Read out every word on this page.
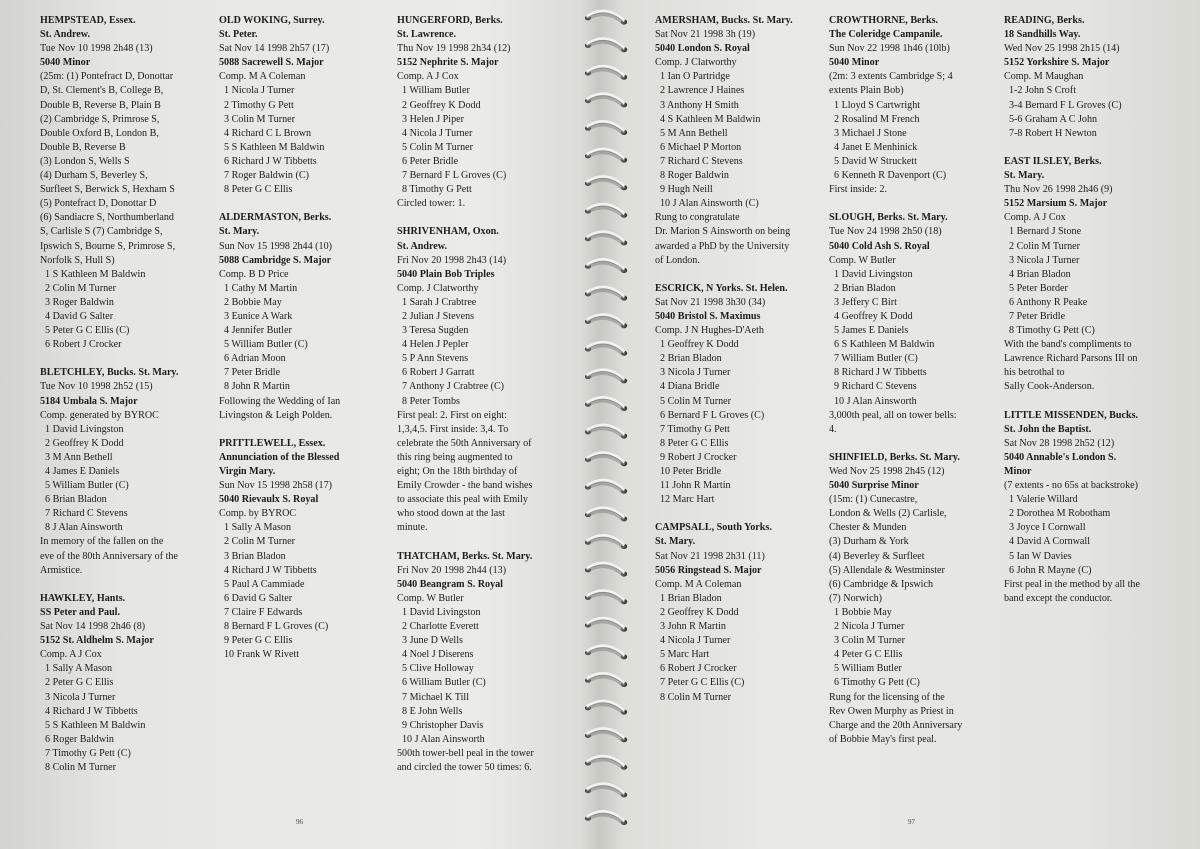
HEMPSTEAD, Essex.
St. Andrew.
Tue Nov 10 1998 2h48 (13)
5040 Minor
(25m: (1) Pontefract D, Donottar
D, St. Clement's B, College B,
Double B, Reverse B, Plain B
(2) Cambridge S, Primrose S,
Double Oxford B, London B,
Double B, Reverse B
(3) London S, Wells S
(4) Durham S, Beverley S,
Surfleet S, Berwick S, Hexham S
(5) Pontefract D, Donottar D
(6) Sandiacre S, Northumberland
S, Carlisle S (7) Cambridge S,
Ipswich S, Bourne S, Primrose S,
Norfolk S, Hull S)
1 S Kathleen M Baldwin
2 Colin M Turner
3 Roger Baldwin
4 David G Salter
5 Peter G C Ellis (C)
6 Robert J Crocker
BLETCHLEY, Bucks. St. Mary.
Tue Nov 10 1998 2h52 (15)
5184 Umbala S. Major
Comp. generated by BYROC
1 David Livingston
2 Geoffrey K Dodd
3 M Ann Bethell
4 James E Daniels
5 William Butler (C)
6 Brian Bladon
7 Richard C Stevens
8 J Alan Ainsworth
In memory of the fallen on the
eve of the 80th Anniversary of the
Armistice.
HAWKLEY, Hants.
SS Peter and Paul.
Sat Nov 14 1998 2h46 (8)
5152 St. Aldhelm S. Major
Comp. A J Cox
1 Sally A Mason
2 Peter G C Ellis
3 Nicola J Turner
4 Richard J W Tibbetts
5 S Kathleen M Baldwin
6 Roger Baldwin
7 Timothy G Pett (C)
8 Colin M Turner
OLD WOKING, Surrey.
St. Peter.
Sat Nov 14 1998 2h57 (17)
5088 Sacrewell S. Major
Comp. M A Coleman
1 Nicola J Turner
2 Timothy G Pett
3 Colin M Turner
4 Richard C L Brown
5 S Kathleen M Baldwin
6 Richard J W Tibbetts
7 Roger Baldwin (C)
8 Peter G C Ellis
ALDERMASTON, Berks.
St. Mary.
Sun Nov 15 1998 2h44 (10)
5088 Cambridge S. Major
Comp. B D Price
1 Cathy M Martin
2 Bobbie May
3 Eunice A Wark
4 Jennifer Butler
5 William Butler (C)
6 Adrian Moon
7 Peter Bridle
8 John R Martin
Following the Wedding of Ian
Livingston & Leigh Polden.
PRITTLEWELL, Essex.
Annunciation of the Blessed
Virgin Mary.
Sun Nov 15 1998 2h58 (17)
5040 Rievaulx S. Royal
Comp. by BYROC
1 Sally A Mason
2 Colin M Turner
3 Brian Bladon
4 Richard J W Tibbetts
5 Paul A Cammiade
6 David G Salter
7 Claire F Edwards
8 Bernard F L Groves (C)
9 Peter G C Ellis
10 Frank W Rivett
HUNGERFORD, Berks.
St. Lawrence.
Thu Nov 19 1998 2h34 (12)
5152 Nephrite S. Major
Comp. A J Cox
1 William Butler
2 Geoffrey K Dodd
3 Helen J Piper
4 Nicola J Turner
5 Colin M Turner
6 Peter Bridle
7 Bernard F L Groves (C)
8 Timothy G Pett
Circled tower: 1.
SHRIVENHAM, Oxon.
St. Andrew.
Fri Nov 20 1998 2h43 (14)
5040 Plain Bob Triples
Comp. J Clatworthy
1 Sarah J Crabtree
2 Julian J Stevens
3 Teresa Sugden
4 Helen J Pepler
5 P Ann Stevens
6 Robert J Garratt
7 Anthony J Crabtree (C)
8 Peter Tombs
First peal: 2. First on eight:
1,3,4,5. First inside: 3,4. To
celebrate the 50th Anniversary of
this ring being augmented to
eight; On the 18th birthday of
Emily Crowder - the band wishes
to associate this peal with Emily
who stood down at the last
minute.
THATCHAM, Berks. St. Mary.
Fri Nov 20 1998 2h44 (13)
5040 Beangram S. Royal
Comp. W Butler
1 David Livingston
2 Charlotte Everett
3 June D Wells
4 Noel J Diserens
5 Clive Holloway
6 William Butler (C)
7 Michael K Till
8 E John Wells
9 Christopher Davis
10 J Alan Ainsworth
500th tower-bell peal in the tower
and circled the tower 50 times: 6.
AMERSHAM, Bucks. St. Mary.
Sat Nov 21 1998 3h (19)
5040 London S. Royal
Comp. J Clatworthy
1 Ian O Partridge
2 Lawrence J Haines
3 Anthony H Smith
4 S Kathleen M Baldwin
5 M Ann Bethell
6 Michael P Morton
7 Richard C Stevens
8 Roger Baldwin
9 Hugh Neill
10 J Alan Ainsworth (C)
Rung to congratulate
Dr. Marion S Ainsworth on being
awarded a PhD by the University
of London.
ESCRICK, N Yorks. St. Helen.
Sat Nov 21 1998 3h30 (34)
5040 Bristol S. Maximus
Comp. J N Hughes-D'Aeth
1 Geoffrey K Dodd
2 Brian Bladon
3 Nicola J Turner
4 Diana Bridle
5 Colin M Turner
6 Bernard F L Groves (C)
7 Timothy G Pett
8 Peter G C Ellis
9 Robert J Crocker
10 Peter Bridle
11 John R Martin
12 Marc Hart
CAMPSALL, South Yorks.
St. Mary.
Sat Nov 21 1998 2h31 (11)
5056 Ringstead S. Major
Comp. M A Coleman
1 Brian Bladon
2 Geoffrey K Dodd
3 John R Martin
4 Nicola J Turner
5 Marc Hart
6 Robert J Crocker
7 Peter G C Ellis (C)
8 Colin M Turner
CROWTHORNE, Berks.
The Coleridge Campanile.
Sun Nov 22 1998 1h46 (10lb)
5040 Minor
(2m: 3 extents Cambridge S; 4
extents Plain Bob)
1 Lloyd S Cartwright
2 Rosalind M French
3 Michael J Stone
4 Janet E Menhinick
5 David W Struckett
6 Kenneth R Davenport (C)
First inside: 2.
SLOUGH, Berks. St. Mary.
Tue Nov 24 1998 2h50 (18)
5040 Cold Ash S. Royal
Comp. W Butler
1 David Livingston
2 Brian Bladon
3 Jeffery C Birt
4 Geoffrey K Dodd
5 James E Daniels
6 S Kathleen M Baldwin
7 William Butler (C)
8 Richard J W Tibbetts
9 Richard C Stevens
10 J Alan Ainsworth
3,000th peal, all on tower bells:
4.
SHINFIELD, Berks. St. Mary.
Wed Nov 25 1998 2h45 (12)
5040 Surprise Minor
(15m: (1) Cunecastre,
London & Wells (2) Carlisle,
Chester & Munden
(3) Durham & York
(4) Beverley & Surfleet
(5) Allendale & Westminster
(6) Cambridge & Ipswich
(7) Norwich)
1 Bobbie May
2 Nicola J Turner
3 Colin M Turner
4 Peter G C Ellis
5 William Butler
6 Timothy G Pett (C)
Rung for the licensing of the
Rev Owen Murphy as Priest in
Charge and the 20th Anniversary
of Bobbie May's first peal.
READING, Berks.
18 Sandhills Way.
Wed Nov 25 1998 2h15 (14)
5152 Yorkshire S. Major
Comp. M Maughan
1-2 John S Croft
3-4 Bernard F L Groves (C)
5-6 Graham A C John
7-8 Robert H Newton
EAST ILSLEY, Berks.
St. Mary.
Thu Nov 26 1998 2h46 (9)
5152 Marsium S. Major
Comp. A J Cox
1 Bernard J Stone
2 Colin M Turner
3 Nicola J Turner
4 Brian Bladon
5 Peter Border
6 Anthony R Peake
7 Peter Bridle
8 Timothy G Pett (C)
With the band's compliments to
Lawrence Richard Parsons III on
his betrothal to
Sally Cook-Anderson.
LITTLE MISSENDEN, Bucks.
St. John the Baptist.
Sat Nov 28 1998 2h52 (12)
5040 Annable's London S.
Minor
(7 extents - no 65s at backstroke)
1 Valerie Willard
2 Dorothea M Robotham
3 Joyce I Cornwall
4 David A Cornwall
5 Ian W Davies
6 John R Mayne (C)
First peal in the method by all the
band except the conductor.
96	97
